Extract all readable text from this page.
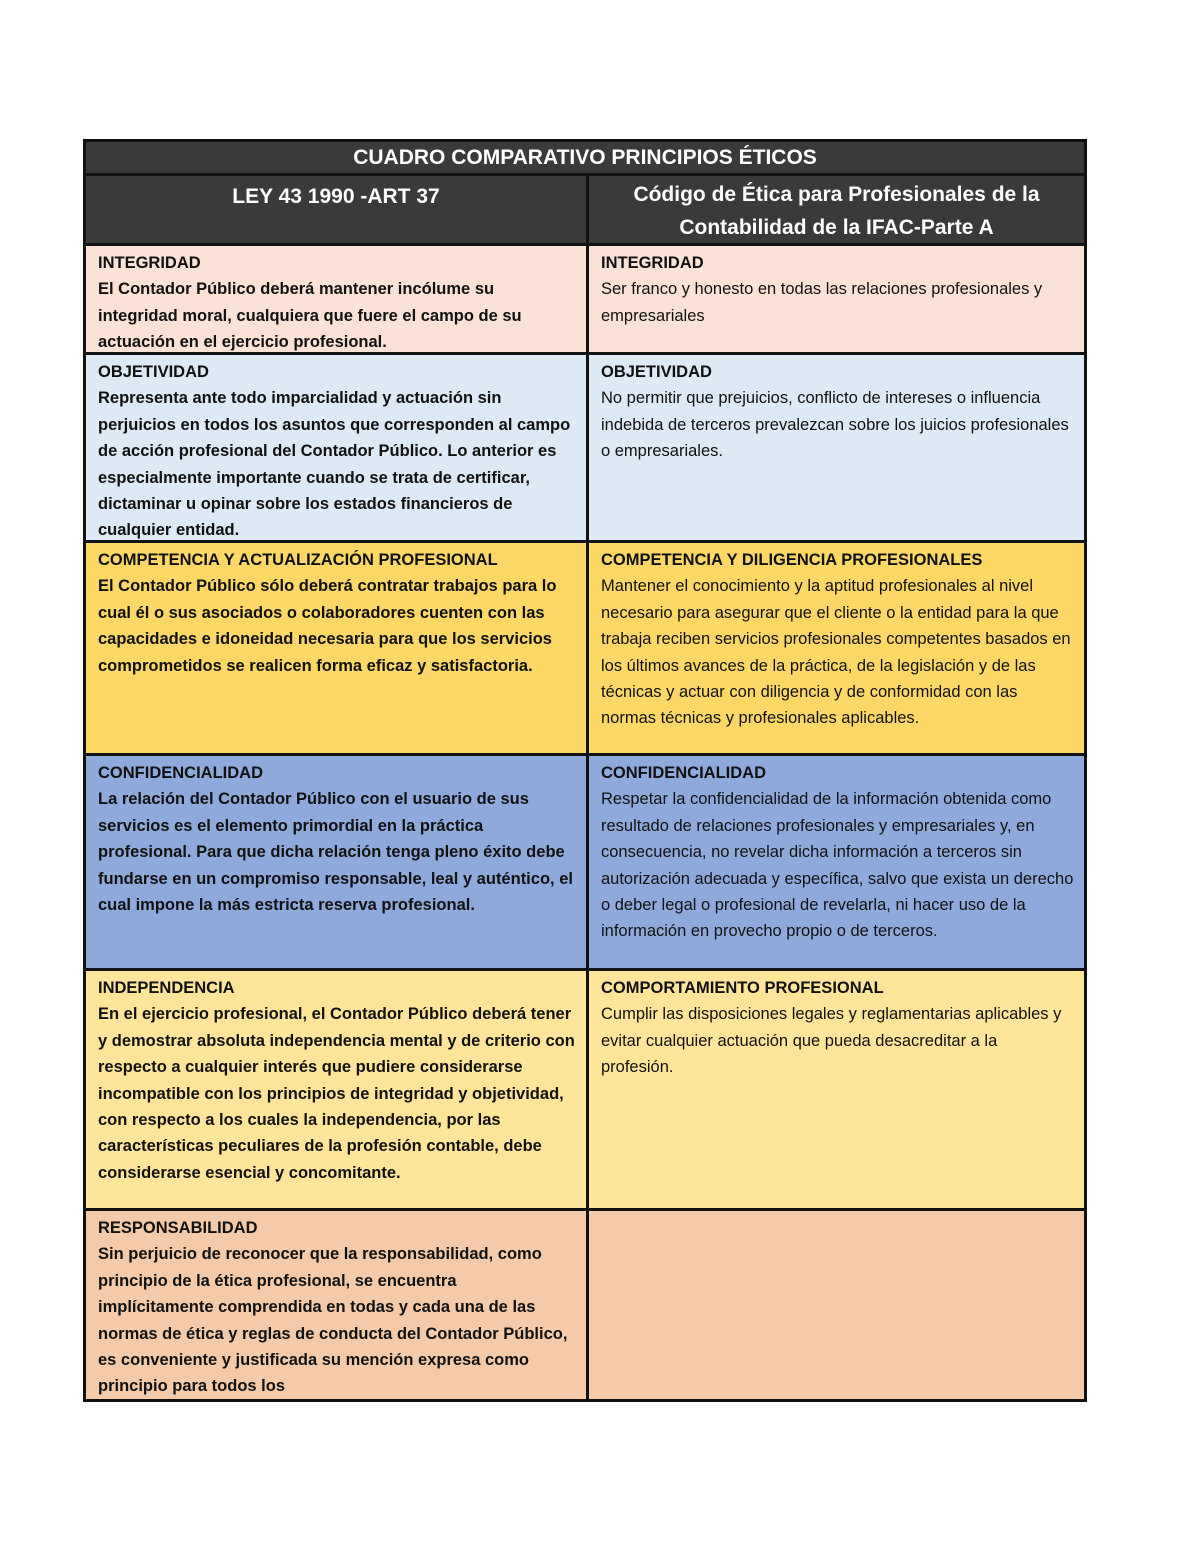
CUADRO COMPARATIVO PRINCIPIOS ÉTICOS
LEY 43 1990 -ART 37	Código de Ética para Profesionales de la Contabilidad de la IFAC-Parte A
INTEGRIDAD
El Contador Público deberá mantener incólume su integridad moral, cualquiera que fuere el campo de su actuación en el ejercicio profesional.
INTEGRIDAD
Ser franco y honesto en todas las relaciones profesionales y empresariales
OBJETIVIDAD
Representa ante todo imparcialidad y actuación sin perjuicios en todos los asuntos que corresponden al campo de acción profesional del Contador Público. Lo anterior es especialmente importante cuando se trata de certificar, dictaminar u opinar sobre los estados financieros de cualquier entidad.
OBJETIVIDAD
No permitir que prejuicios, conflicto de intereses o influencia indebida de terceros prevalezcan sobre los juicios profesionales o empresariales.
COMPETENCIA Y ACTUALIZACIÓN PROFESIONAL
El Contador Público sólo deberá contratar trabajos para lo cual él o sus asociados o colaboradores cuenten con las capacidades e idoneidad necesaria para que los servicios comprometidos se realicen forma eficaz y satisfactoria.
COMPETENCIA Y DILIGENCIA PROFESIONALES
Mantener el conocimiento y la aptitud profesionales al nivel necesario para asegurar que el cliente o la entidad para la que trabaja reciben servicios profesionales competentes basados en los últimos avances de la práctica, de la legislación y de las técnicas y actuar con diligencia y de conformidad con las normas técnicas y profesionales aplicables.
CONFIDENCIALIDAD
La relación del Contador Público con el usuario de sus servicios es el elemento primordial en la práctica profesional. Para que dicha relación tenga pleno éxito debe fundarse en un compromiso responsable, leal y auténtico, el cual impone la más estricta reserva profesional.
CONFIDENCIALIDAD
Respetar la confidencialidad de la información obtenida como resultado de relaciones profesionales y empresariales y, en consecuencia, no revelar dicha información a terceros sin autorización adecuada y específica, salvo que exista un derecho o deber legal o profesional de revelarla, ni hacer uso de la información en provecho propio o de terceros.
INDEPENDENCIA
En el ejercicio profesional, el Contador Público deberá tener y demostrar absoluta independencia mental y de criterio con respecto a cualquier interés que pudiere considerarse incompatible con los principios de integridad y objetividad, con respecto a los cuales la independencia, por las características peculiares de la profesión contable, debe considerarse esencial y concomitante.
COMPORTAMIENTO PROFESIONAL
Cumplir las disposiciones legales y reglamentarias aplicables y evitar cualquier actuación que pueda desacreditar a la profesión.
RESPONSABILIDAD
Sin perjuicio de reconocer que la responsabilidad, como principio de la ética profesional, se encuentra implícitamente comprendida en todas y cada una de las normas de ética y reglas de conducta del Contador Público, es conveniente y justificada su mención expresa como principio para todos los
